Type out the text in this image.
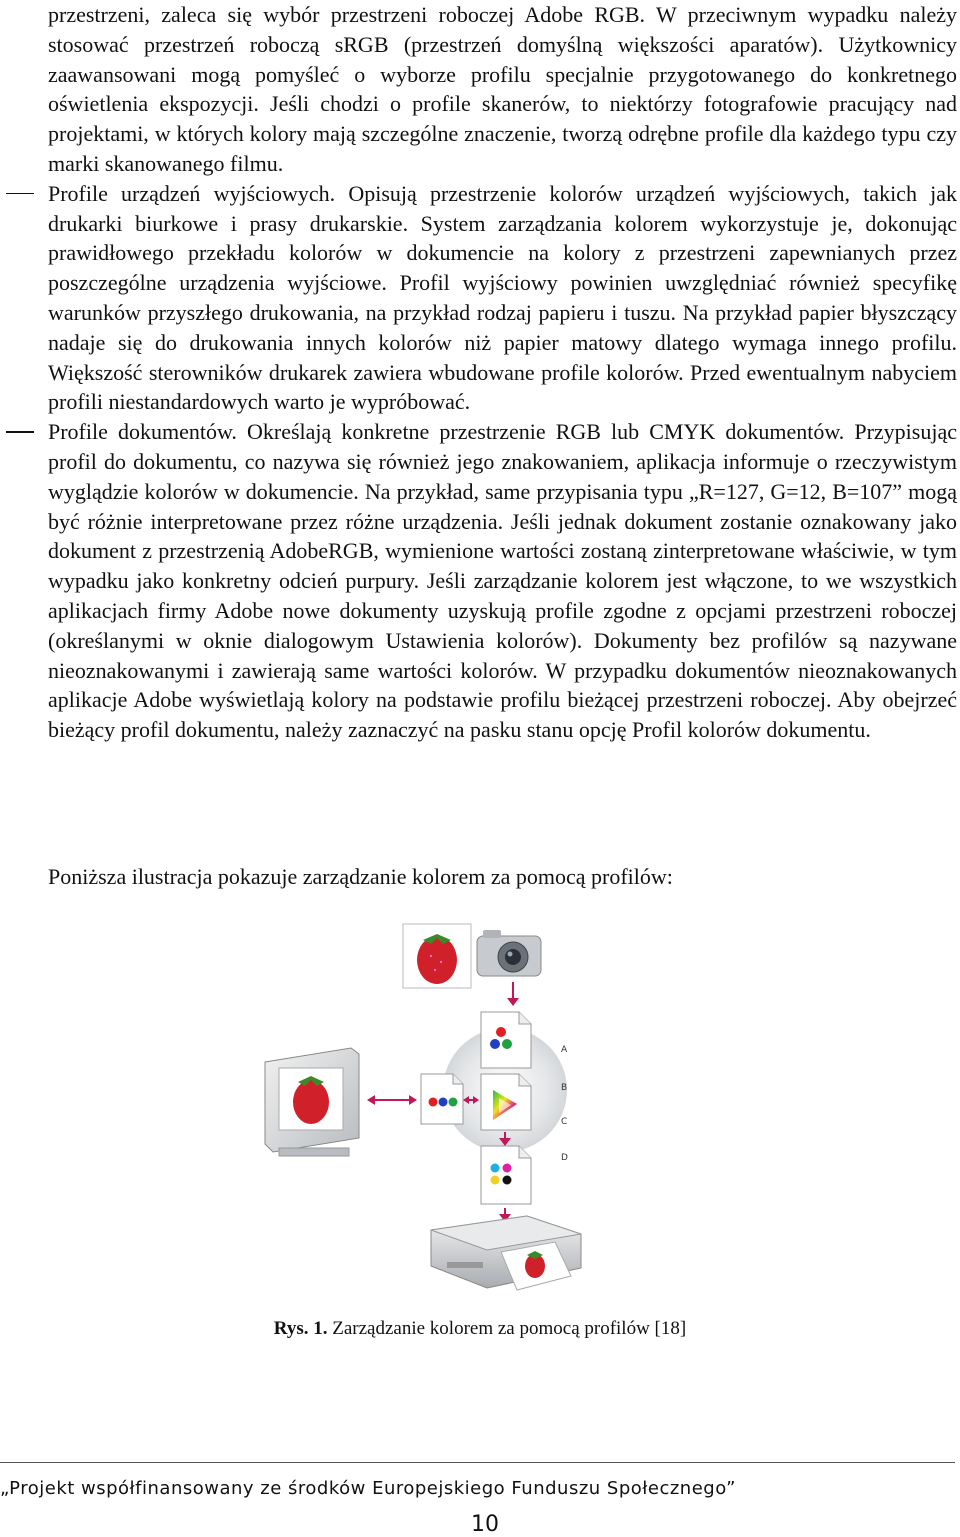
przestrzeni, zaleca się wybór przestrzeni roboczej Adobe RGB. W przeciwnym wypadku należy stosować przestrzeń roboczą sRGB (przestrzeń domyślną większości aparatów). Użytkownicy zaawansowani mogą pomyśleć o wyborze profilu specjalnie przygotowanego do konkretnego oświetlenia ekspozycji. Jeśli chodzi o profile skanerów, to niektórzy fotografowie pracujący nad projektami, w których kolory mają szczególne znaczenie, tworzą odrębne profile dla każdego typu czy marki skanowanego filmu.

Profile urządzeń wyjściowych. Opisują przestrzenie kolorów urządzeń wyjściowych, takich jak drukarki biurkowe i prasy drukarskie. System zarządzania kolorem wykorzystuje je, dokonując prawidłowego przekładu kolorów w dokumencie na kolory z przestrzeni zapewnianych przez poszczególne urządzenia wyjściowe. Profil wyjściowy powinien uwzględniać również specyfikę warunków przyszłego drukowania, na przykład rodzaj papieru i tuszu. Na przykład papier błyszczący nadaje się do drukowania innych kolorów niż papier matowy dlatego wymaga innego profilu. Większość sterowników drukarek zawiera wbudowane profile kolorów. Przed ewentualnym nabyciem profili niestandardowych warto je wypróbować.

Profile dokumentów. Określają konkretne przestrzenie RGB lub CMYK dokumentów. Przypisując profil do dokumentu, co nazywa się również jego znakowaniem, aplikacja informuje o rzeczywistym wyglądzie kolorów w dokumencie. Na przykład, same przypisania typu „R=127, G=12, B=107” mogą być różnie interpretowane przez różne urządzenia. Jeśli jednak dokument zostanie oznakowany jako dokument z przestrzenią AdobeRGB, wymienione wartości zostaną zinterpretowane właściwie, w tym wypadku jako konkretny odcień purpury. Jeśli zarządzanie kolorem jest włączone, to we wszystkich aplikacjach firmy Adobe nowe dokumenty uzyskują profile zgodne z opcjami przestrzeni roboczej (określanymi w oknie dialogowym Ustawienia kolorów). Dokumenty bez profilów są nazywane nieoznakowanymi i zawierają same wartości kolorów. W przypadku dokumentów nieoznakowanych aplikacje Adobe wyświetlają kolory na podstawie profilu bieżącej przestrzeni roboczej. Aby obejrzeć bieżący profil dokumentu, należy zaznaczyć na pasku stanu opcję Profil kolorów dokumentu.

Poniższa ilustracja pokazuje zarządzanie kolorem za pomocą profilów:
A
B
C
D
Rys. 1. Zarządzanie kolorem za pomocą profilów [18]
„Projekt współfinansowany ze środków Europejskiego Funduszu Społecznego”
10
